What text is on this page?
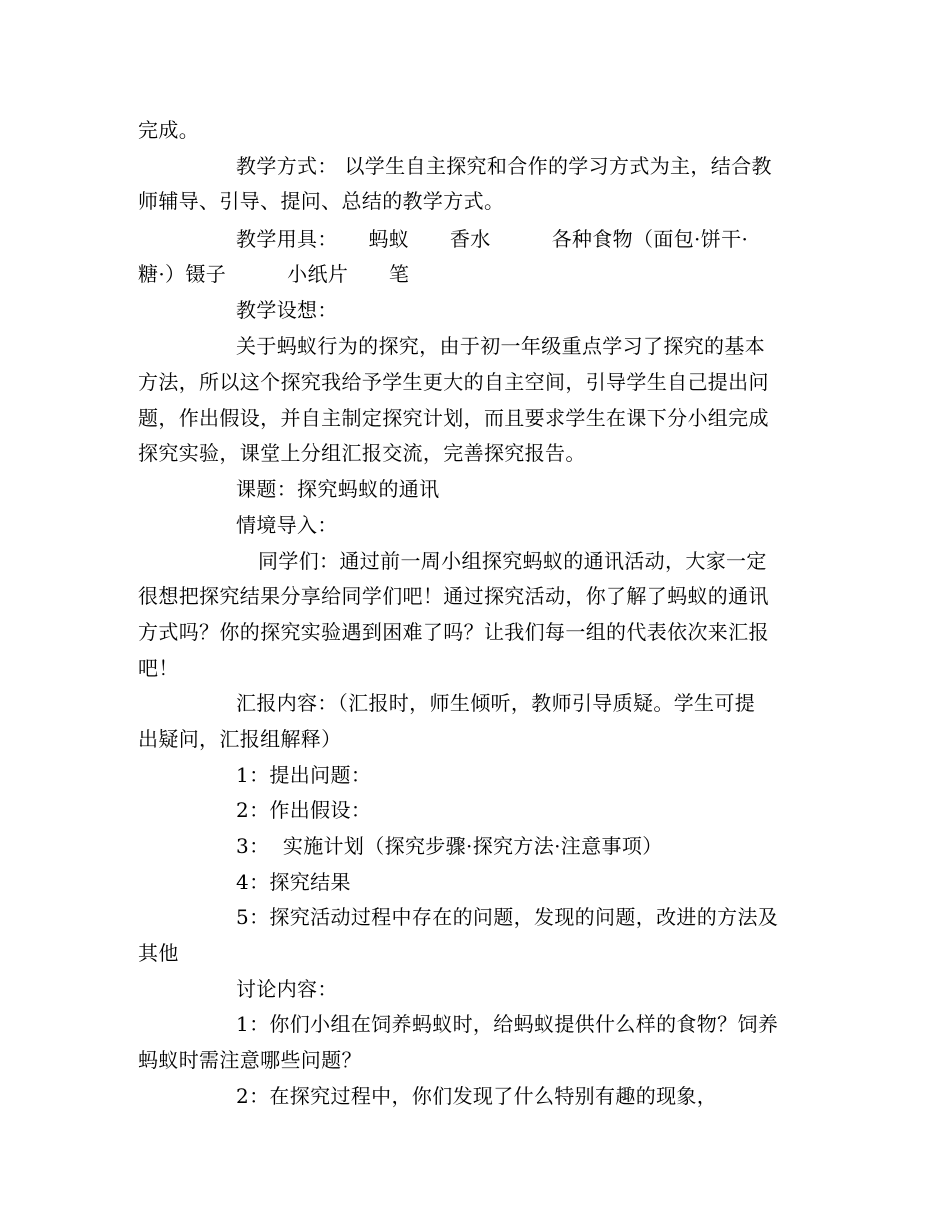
完成。
教学方式： 以学生自主探究和合作的学习方式为主，结合教
师辅导、引导、提问、总结的教学方式。
教学用具：　　蚂蚁　　香水　　　各种食物（面包·饼干·
糖·）镊子　　　小纸片　　笔
教学设想：
关于蚂蚁行为的探究，由于初一年级重点学习了探究的基本
方法，所以这个探究我给予学生更大的自主空间，引导学生自己提出问
题，作出假设，并自主制定探究计划，而且要求学生在课下分小组完成
探究实验，课堂上分组汇报交流，完善探究报告。
课题：探究蚂蚁的通讯
情境导入：
同学们：通过前一周小组探究蚂蚁的通讯活动，大家一定
很想把探究结果分享给同学们吧！通过探究活动，你了解了蚂蚁的通讯
方式吗？你的探究实验遇到困难了吗？让我们每一组的代表依次来汇报
吧！
汇报内容：（汇报时，师生倾听，教师引导质疑。学生可提
出疑问，汇报组解释）
1：提出问题：
2：作出假设：
3：  实施计划（探究步骤·探究方法·注意事项）
4：探究结果
5：探究活动过程中存在的问题，发现的问题，改进的方法及
其他
讨论内容：
1：你们小组在饲养蚂蚁时，给蚂蚁提供什么样的食物？饲养
蚂蚁时需注意哪些问题？
2：在探究过程中，你们发现了什么特别有趣的现象，
